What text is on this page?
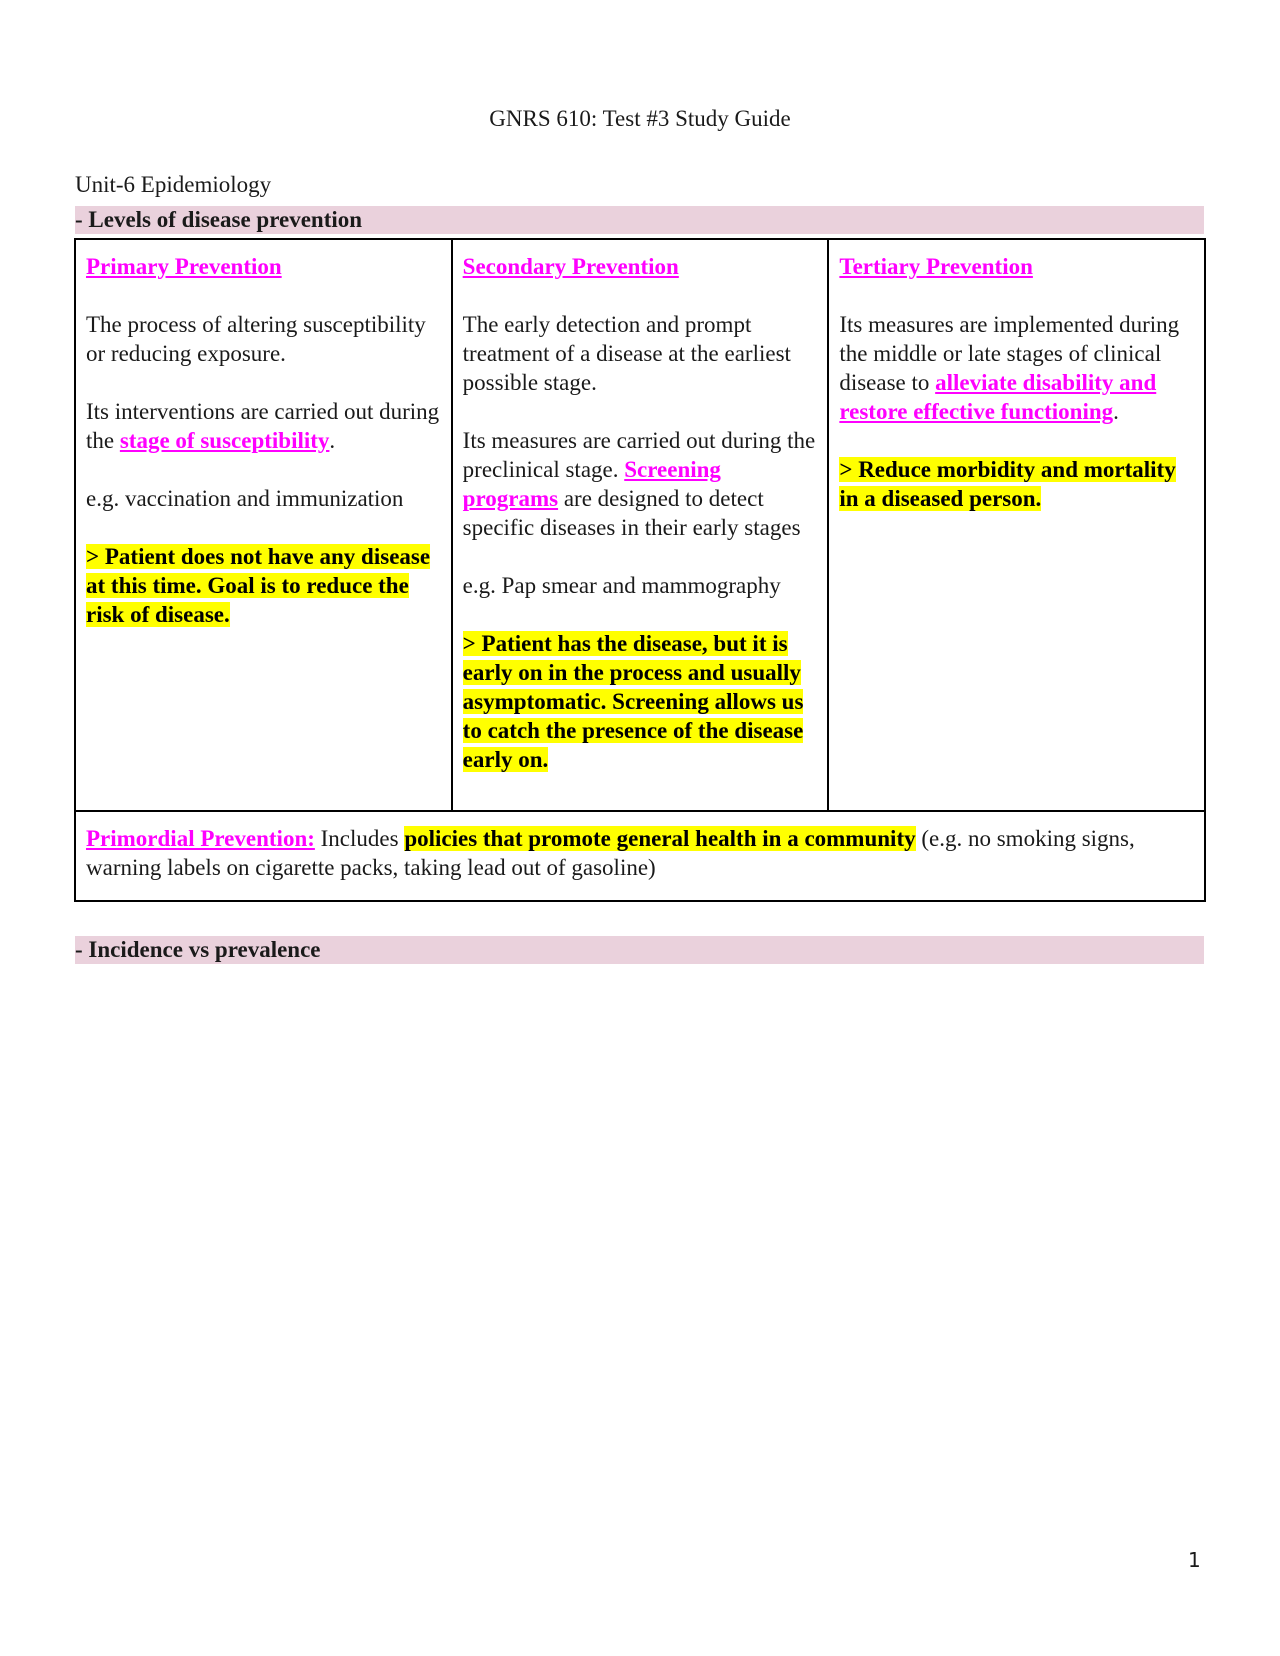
GNRS 610: Test #3 Study Guide
Unit-6 Epidemiology
- Levels of disease prevention
Primary Prevention

The process of altering susceptibility or reducing exposure.

Its interventions are carried out during the stage of susceptibility.

e.g. vaccination and immunization

> Patient does not have any disease at this time. Goal is to reduce the risk of disease.

Secondary Prevention

The early detection and prompt treatment of a disease at the earliest possible stage.

Its measures are carried out during the preclinical stage. Screening programs are designed to detect specific diseases in their early stages

e.g. Pap smear and mammography

> Patient has the disease, but it is early on in the process and usually asymptomatic. Screening allows us to catch the presence of the disease early on.

Tertiary Prevention

Its measures are implemented during the middle or late stages of clinical disease to alleviate disability and restore effective functioning.

> Reduce morbidity and mortality in a diseased person.

Primordial Prevention: Includes policies that promote general health in a community (e.g. no smoking signs, warning labels on cigarette packs, taking lead out of gasoline)
- Incidence vs prevalence
1
